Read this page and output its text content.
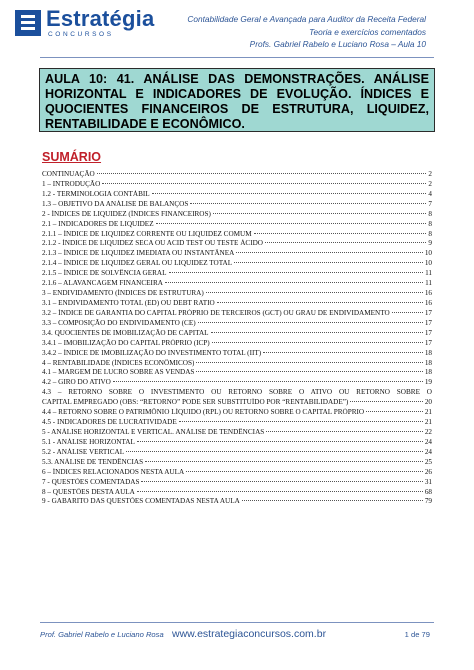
Estratégia
CONCURSOS
Contabilidade Geral e Avançada para Auditor da Receita Federal
Teoria e exercícios comentados
Profs. Gabriel Rabelo e Luciano Rosa – Aula 10
AULA 10: 41. ANÁLISE DAS DEMONSTRAÇÕES. ANÁLISE HORIZONTAL E INDICADORES DE EVOLUÇÃO. ÍNDICES E QUOCIENTES FINANCEIROS DE ESTRUTURA, LIQUIDEZ, RENTABILIDADE E ECONÔMICO.
SUMÁRIO
CONTINUAÇÃO	2
1 – INTRODUÇÃO	2
1.2 - TERMINOLOGIA CONTÁBIL	4
1.3 – OBJETIVO DA ANÁLISE DE BALANÇOS	7
2 - ÍNDICES DE LIQUIDEZ (ÍNDICES FINANCEIROS)	8
2.1 – INDICADORES DE LIQUIDEZ	8
2.1.1 – ÍNDICE DE LIQUIDEZ CORRENTE OU LIQUIDEZ COMUM	8
2.1.2 - ÍNDICE DE LIQUIDEZ SECA OU ACID TEST OU TESTE ÁCIDO	9
2.1.3 – ÍNDICE DE LIQUIDEZ IMEDIATA OU INSTANTÂNEA	10
2.1.4 – ÍNDICE DE LIQUIDEZ GERAL OU LIQUIDEZ TOTAL	10
2.1.5 – ÍNDICE DE SOLVÊNCIA GERAL	11
2.1.6 – ALAVANCAGEM FINANCEIRA	11
3 – ENDIVIDAMENTO (ÍNDICES DE ESTRUTURA)	16
3.1 – ENDIVIDAMENTO TOTAL (ED) OU DEBT RATIO	16
3.2 – ÍNDICE DE GARANTIA DO CAPITAL PRÓPRIO DE TERCEIROS (GCT) OU GRAU DE ENDIVIDAMENTO	17
3.3 – COMPOSIÇÃO DO ENDIVIDAMENTO (CE)	17
3.4. QUOCIENTES DE IMOBILIZAÇÃO DE CAPITAL	17
3.4.1 – IMOBILIZAÇÃO DO CAPITAL PRÓPRIO (ICP)	17
3.4.2 – ÍNDICE DE IMOBILIZAÇÃO DO INVESTIMENTO TOTAL (IIT)	18
4 – RENTABILIDADE (ÍNDICES ECONÔMICOS)	18
4.1 – MARGEM DE LUCRO SOBRE AS VENDAS	18
4.2 – GIRO DO ATIVO	19
4.3 – RETORNO SOBRE O INVESTIMENTO OU RETORNO SOBRE O ATIVO OU RETORNO SOBRE O
CAPITAL EMPREGADO (OBS: “RETORNO” PODE SER SUBSTITUÍDO POR “RENTABILIDADE”)	20
4.4 – RETORNO SOBRE O PATRIMÔNIO LÍQUIDO (RPL) OU RETORNO SOBRE O CAPITAL PRÓPRIO	21
4.5 - INDICADORES DE LUCRATIVIDADE	21
5 - ANÁLISE HORIZONTAL E VERTICAL. ANÁLISE DE TENDÊNCIAS	22
5.1 - ANÁLISE HORIZONTAL	24
5.2 - ANÁLISE VERTICAL	24
5.3. ANÁLISE DE TENDÊNCIAS	25
6 – ÍNDICES RELACIONADOS NESTA AULA	26
7 - QUESTÕES COMENTADAS	31
8 – QUESTÕES DESTA AULA	68
9 - GABARITO DAS QUESTÕES COMENTADAS NESTA AULA	79
Prof. Gabriel Rabelo e Luciano Rosa www.estrategiaconcursos.com.br	1 de 79
